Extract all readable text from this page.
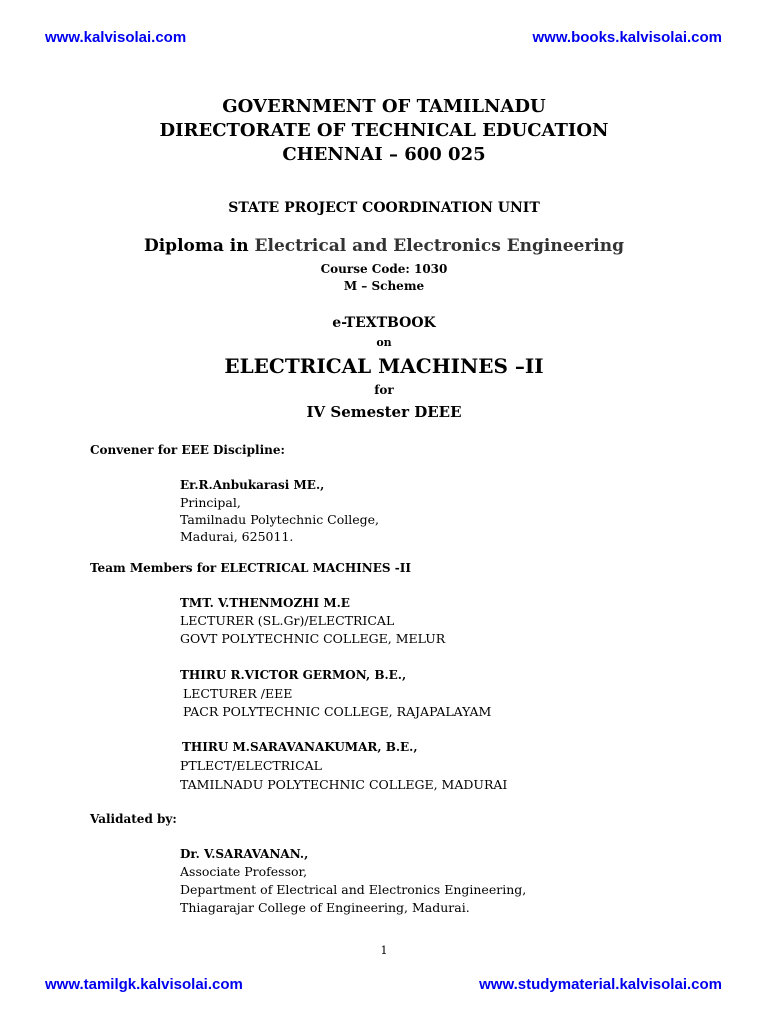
www.kalvisolai.com	www.books.kalvisolai.com
GOVERNMENT OF TAMILNADU
DIRECTORATE OF TECHNICAL EDUCATION
CHENNAI – 600 025
STATE PROJECT COORDINATION UNIT
Diploma in Electrical and Electronics Engineering
Course Code: 1030
M – Scheme
e-TEXTBOOK
on
ELECTRICAL MACHINES –II
for
IV Semester DEEE
Convener for EEE Discipline:
Er.R.Anbukarasi ME.,
Principal,
Tamilnadu Polytechnic College,
Madurai, 625011.
Team Members for ELECTRICAL MACHINES -II
TMT. V.THENMOZHI M.E
LECTURER (SL.Gr)/ELECTRICAL
GOVT POLYTECHNIC COLLEGE, MELUR
THIRU R.VICTOR GERMON, B.E.,
LECTURER /EEE
PACR POLYTECHNIC COLLEGE, RAJAPALAYAM
THIRU M.SARAVANAKUMAR, B.E.,
PTLECT/ELECTRICAL
TAMILNADU POLYTECHNIC COLLEGE, MADURAI
Validated by:
Dr. V.SARAVANAN.,
Associate Professor,
Department of Electrical and Electronics Engineering,
Thiagarajar College of Engineering, Madurai.
1
www.tamilgk.kalvisolai.com	www.studymaterial.kalvisolai.com
